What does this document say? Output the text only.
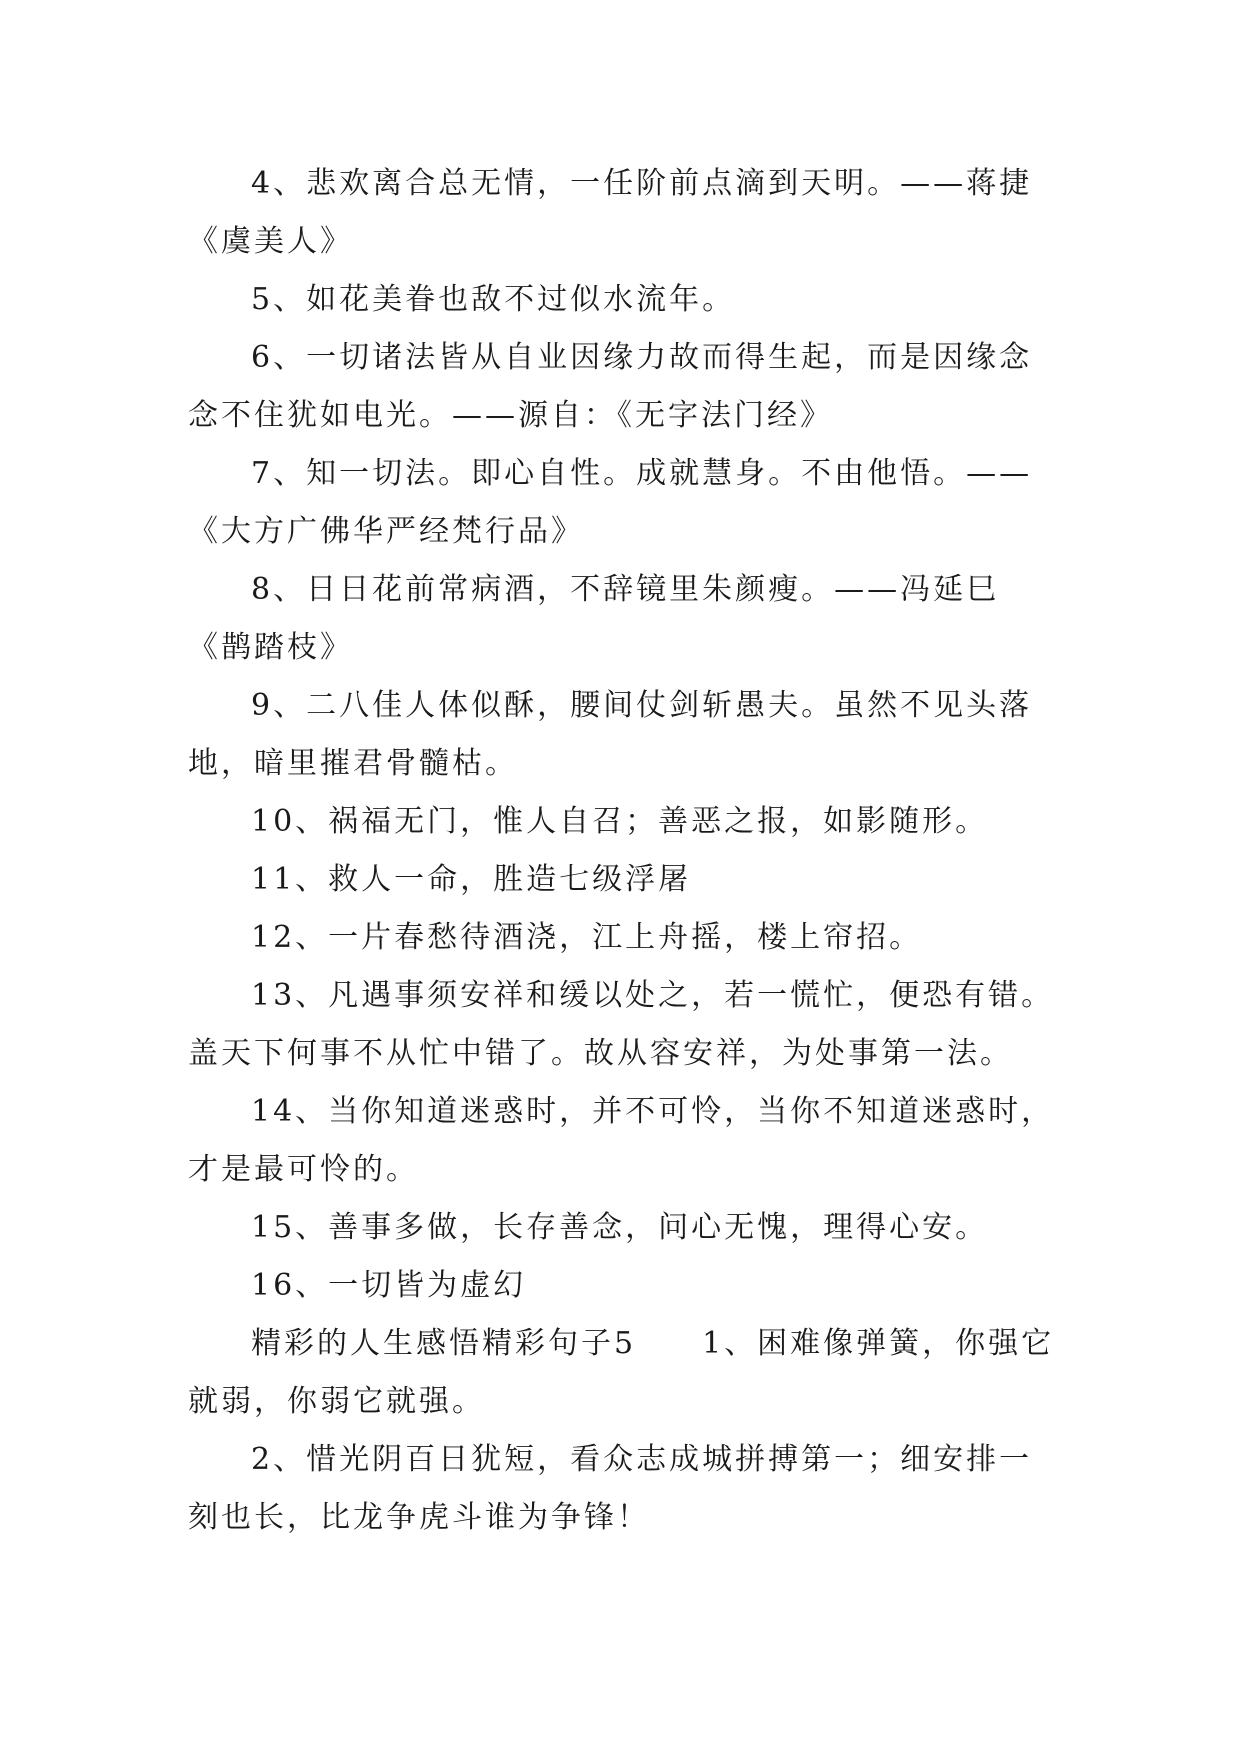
4、悲欢离合总无情，一任阶前点滴到天明。——蒋捷《虞美人》

5、如花美眷也敌不过似水流年。

6、一切诸法皆从自业因缘力故而得生起，而是因缘念念不住犹如电光。——源自：《无字法门经》

7、知一切法。即心自性。成就慧身。不由他悟。——《大方广佛华严经梵行品》

8、日日花前常病酒，不辞镜里朱颜瘦。——冯延巳《鹊踏枝》

9、二八佳人体似酥，腰间仗剑斩愚夫。虽然不见头落地，暗里摧君骨髓枯。

10、祸福无门，惟人自召；善恶之报，如影随形。

11、救人一命，胜造七级浮屠

12、一片春愁待酒浇，江上舟摇，楼上帘招。

13、凡遇事须安祥和缓以处之，若一慌忙，便恐有错。盖天下何事不从忙中错了。故从容安祥，为处事第一法。

14、当你知道迷惑时，并不可怜，当你不知道迷惑时，才是最可怜的。

15、善事多做，长存善念，问心无愧，理得心安。

16、一切皆为虚幻

精彩的人生感悟精彩句子5　　1、困难像弹簧，你强它就弱，你弱它就强。

2、惜光阴百日犹短，看众志成城拼搏第一；细安排一刻也长，比龙争虎斗谁为争锋！
